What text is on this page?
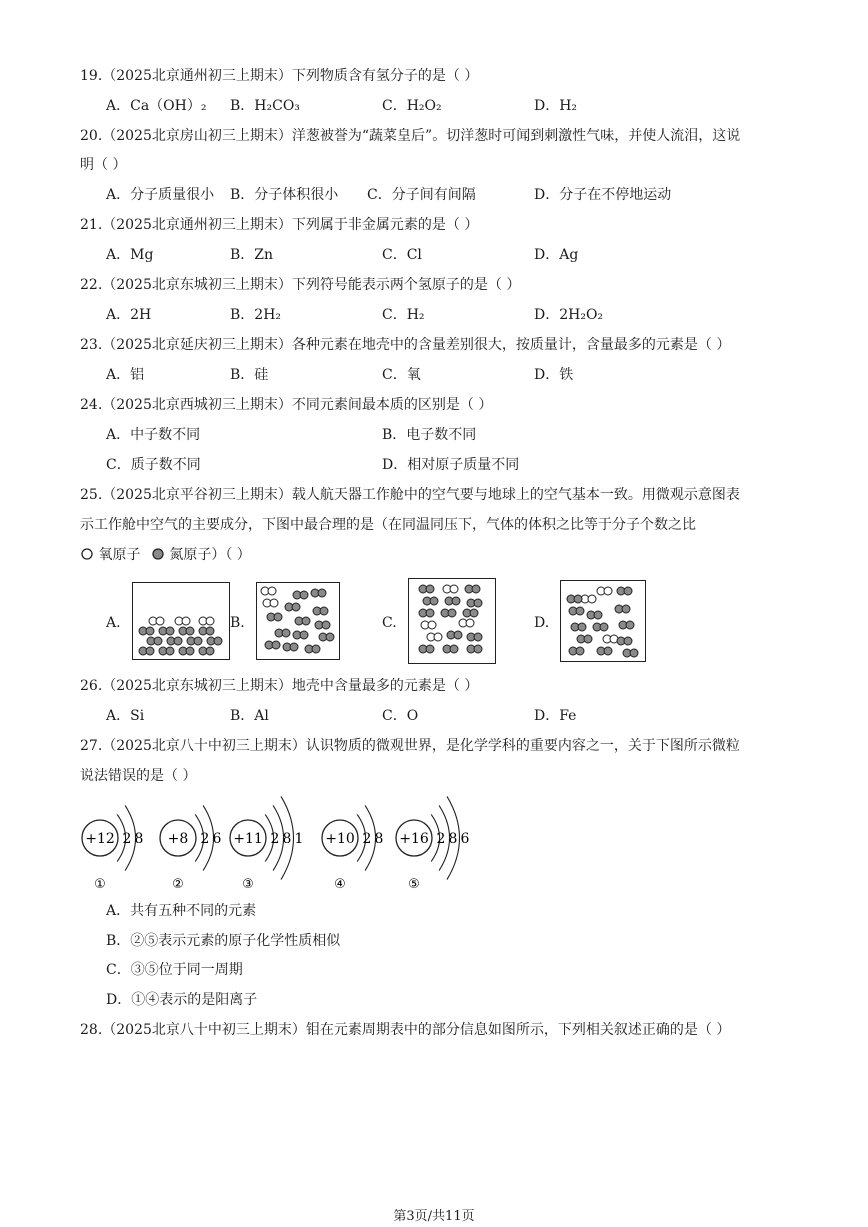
19.（2025北京通州初三上期末）下列物质含有氢分子的是（ ）
A．Ca（OH）₂ B．H₂CO₃	C．H₂O₂	D．H₂
20.（2025北京房山初三上期末）洋葱被誉为“蔬菜皇后”。切洋葱时可闻到刺激性气味，并使人流泪，这说
明（ ）
A．分子质量很小 B．分子体积很小 C．分子间有间隔	D．分子在不停地运动
21.（2025北京通州初三上期末）下列属于非金属元素的是（ ）
A．Mg	B．Zn	C．Cl	D．Ag
22.（2025北京东城初三上期末）下列符号能表示两个氢原子的是（ ）
A．2H	B．2H₂	C．H₂	D．2H₂O₂
23.（2025北京延庆初三上期末）各种元素在地壳中的含量差别很大，按质量计，含量最多的元素是（ ）
A．铝	B．硅	C．氧	D．铁
24.（2025北京西城初三上期末）不同元素间最本质的区别是（ ）
A．中子数不同	B．电子数不同
C．质子数不同	D．相对原子质量不同
25.（2025北京平谷初三上期末）载人航天器工作舱中的空气要与地球上的空气基本一致。用微观示意图表
示工作舱中空气的主要成分，下图中最合理的是（在同温同压下，气体的体积之比等于分子个数之比
氧原子 氮原子）（ ）
A.	B.	C.	D.
26.（2025北京东城初三上期末）地壳中含量最多的元素是（ ）
A．Si	B．Al	C．O	D．Fe
27.（2025北京八十中初三上期末）认识物质的微观世界，是化学学科的重要内容之一，关于下图所示微粒
说法错误的是（ ）
+12 2 8
①
+8 2 6
②
+11 2 8 1
③
+10 2 8
④
+16 2 8 6
⑤
A．共有五种不同的元素
B．②⑤表示元素的原子化学性质相似
C．③⑤位于同一周期
D．①④表示的是阳离子
28.（2025北京八十中初三上期末）钼在元素周期表中的部分信息如图所示，下列相关叙述正确的是（ ）
第3页/共11页
